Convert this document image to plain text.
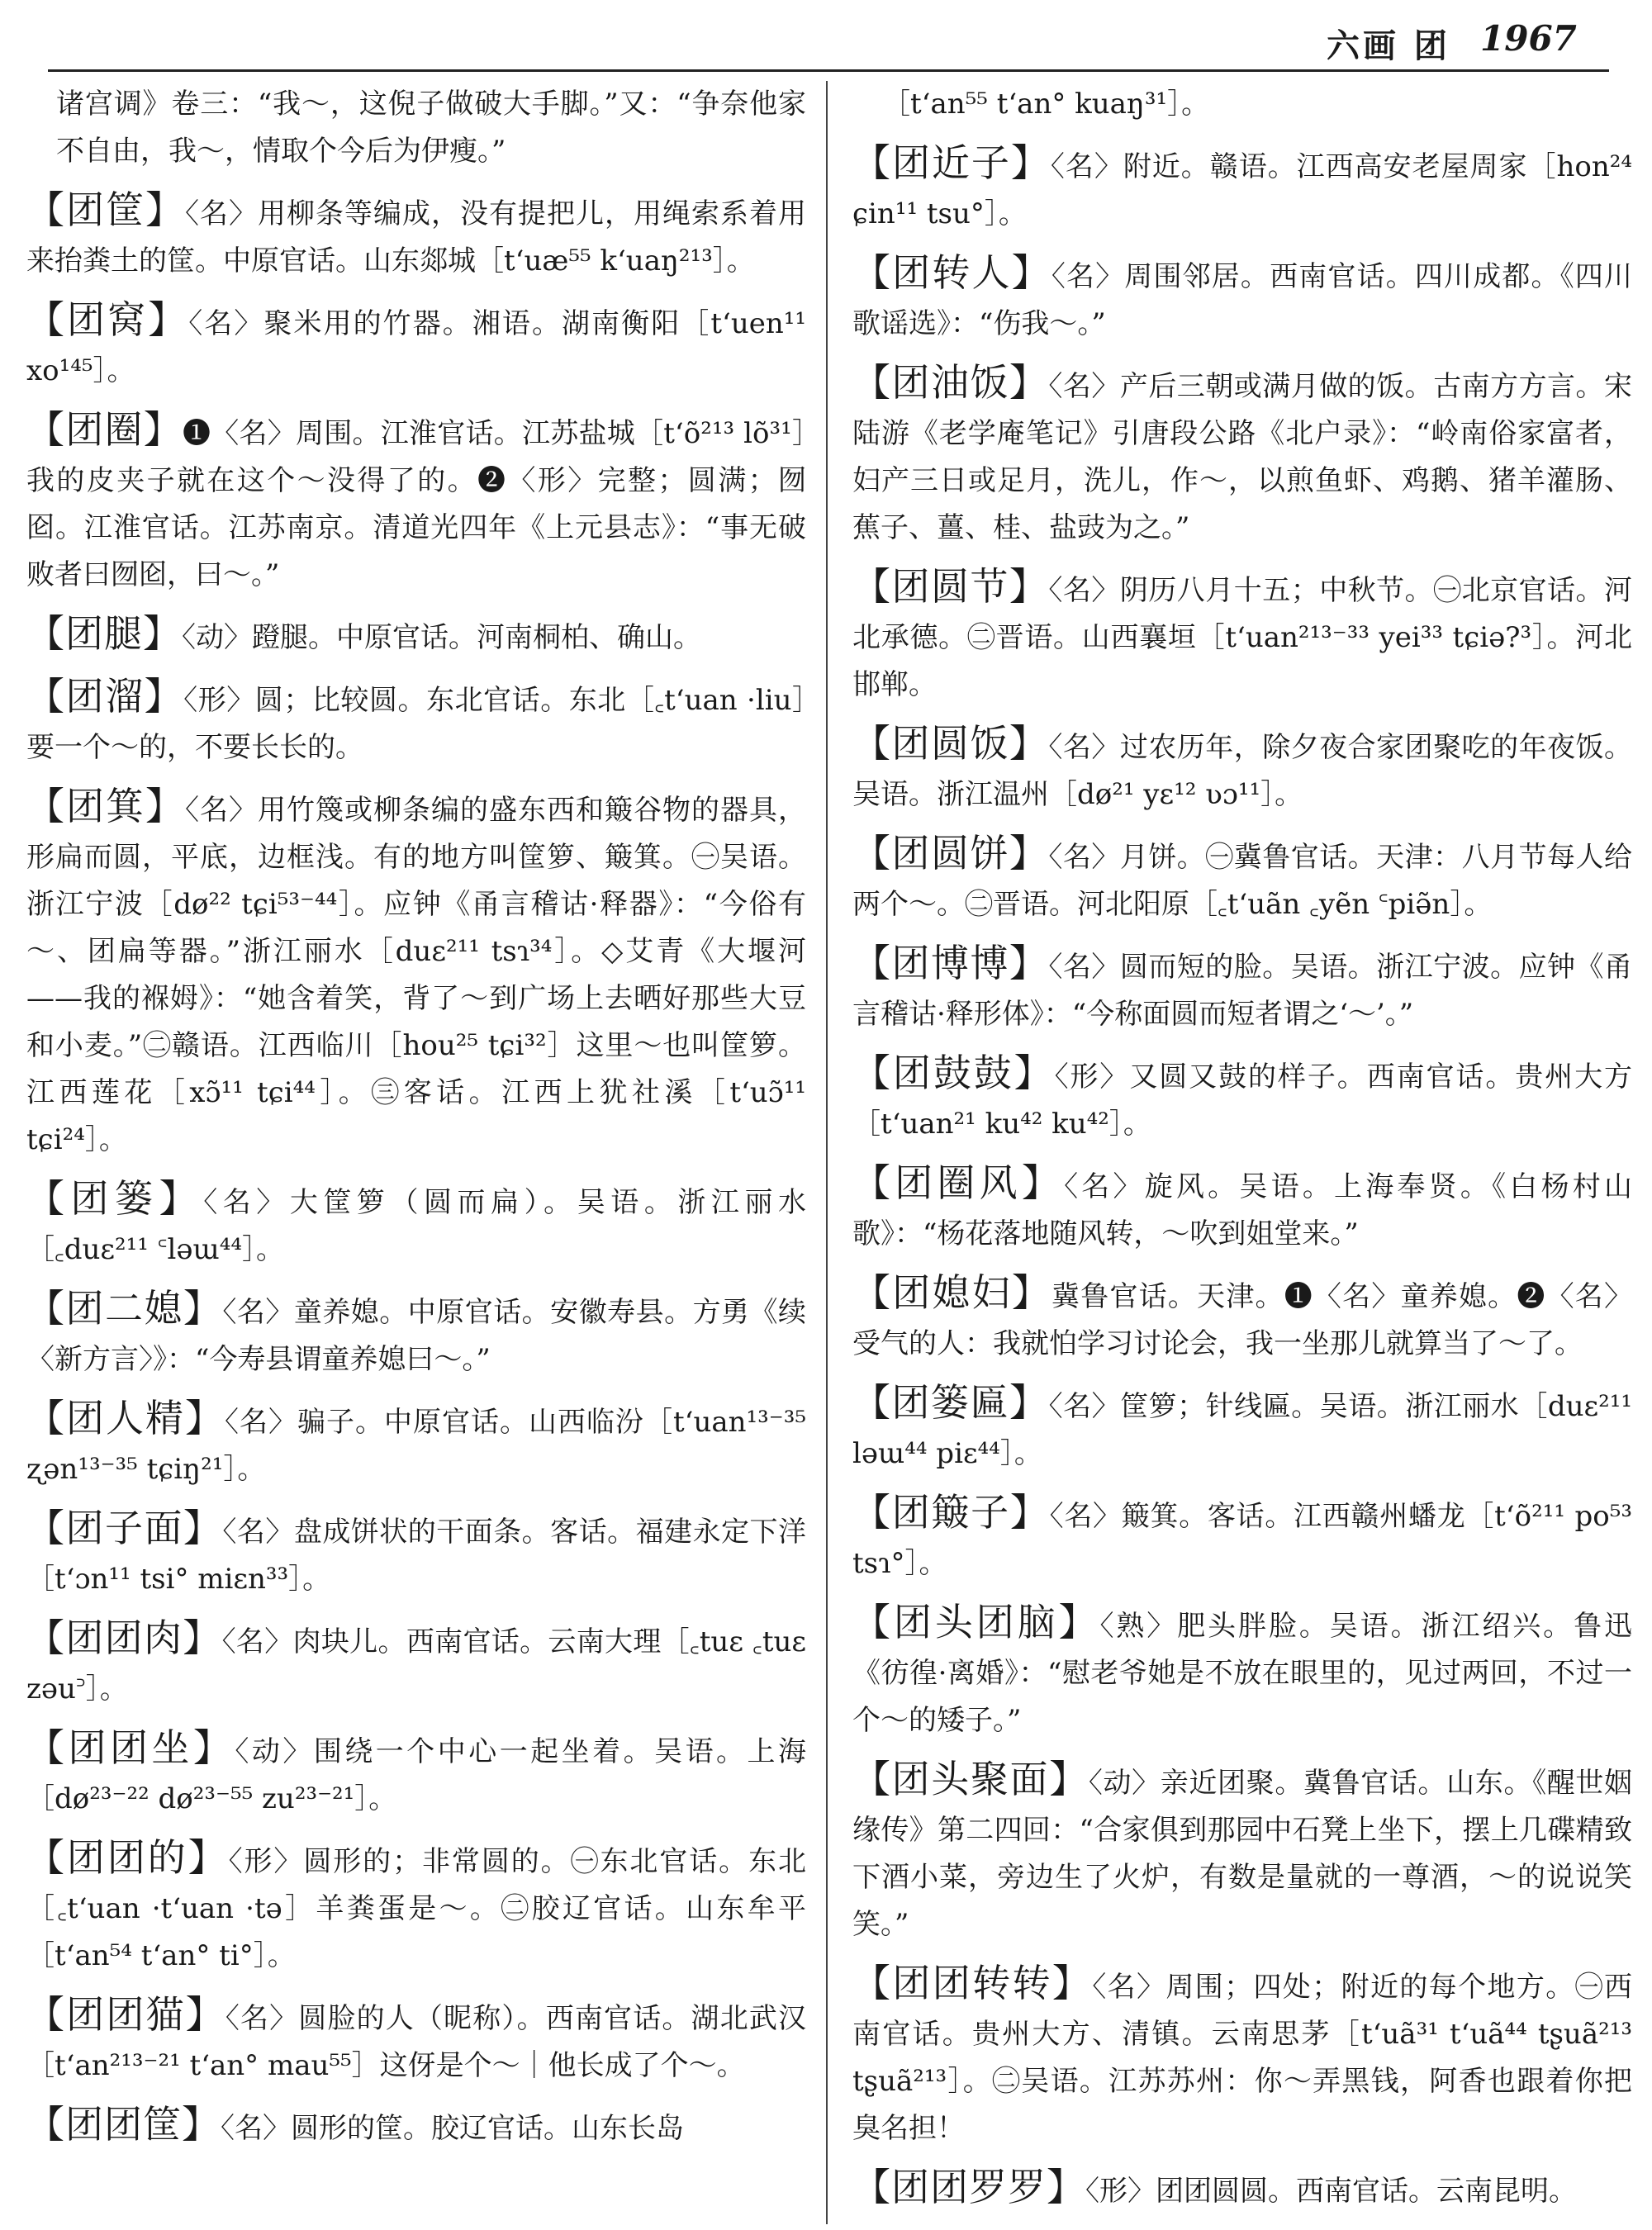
六画 团 1967

诸宫调》卷三：“我～，这倪子做破大手脚。”又：“争奈他家不自由，我～，情取个今后为伊瘦。”

【团筐】〈名〉用柳条等编成，没有提把儿，用绳索系着用来抬粪土的筐。中原官话。山东郯城［tʻuæ⁵⁵ kʻuaŋ²¹³］。

【团窝】〈名〉聚米用的竹器。湘语。湖南衡阳［tʻuen¹¹ xo¹⁴⁵］。

【团圈】❶〈名〉周围。江淮官话。江苏盐城［tʻõ²¹³ lõ³¹］我的皮夹子就在这个～没得了的。❷〈形〉完整；圆满；囫囵。江淮官话。江苏南京。清道光四年《上元县志》：“事无破败者曰囫囵，曰～。”

【团腿】〈动〉蹬腿。中原官话。河南桐柏、确山。

【团溜】〈形〉圆；比较圆。东北官话。东北［꜀tʻuan ·liu］要一个～的，不要长长的。

【团箕】〈名〉用竹篾或柳条编的盛东西和簸谷物的器具，形扁而圆，平底，边框浅。有的地方叫筐箩、簸箕。㊀吴语。浙江宁波［dø²² tɕi⁵³⁻⁴⁴］。应钟《甬言稽诂·释器》：“今俗有～、团扁等器。”浙江丽水［duɛ²¹¹ tsɿ³⁴］。◇艾青《大堰河——我的褓姆》：“她含着笑，背了～到广场上去晒好那些大豆和小麦。”㊁赣语。江西临川［hou²⁵ tɕi³²］这里～也叫筐箩。江西莲花［xɔ̃¹¹ tɕi⁴⁴］。㊂客话。江西上犹社溪［tʻuɔ̃¹¹ tɕi²⁴］。

【团篓】〈名〉大筐箩（圆而扁）。吴语。浙江丽水［꜀duɛ²¹¹ ꜂ləɯ⁴⁴］。

【团二媳】〈名〉童养媳。中原官话。安徽寿县。方勇《续〈新方言〉》：“今寿县谓童养媳曰～。”

【团人精】〈名〉骗子。中原官话。山西临汾［tʻuan¹³⁻³⁵ ʐən¹³⁻³⁵ tɕiŋ²¹］。

【团子面】〈名〉盘成饼状的干面条。客话。福建永定下洋［tʻɔn¹¹ tsi° miɛn³³］。

【团团肉】〈名〉肉块儿。西南官话。云南大理［꜀tuɛ ꜀tuɛ zəu꜄］。

【团团坐】〈动〉围绕一个中心一起坐着。吴语。上海［dø²³⁻²² dø²³⁻⁵⁵ zu²³⁻²¹］。

【团团的】〈形〉圆形的；非常圆的。㊀东北官话。东北［꜀tʻuan ·tʻuan ·tə］羊粪蛋是～。㊁胶辽官话。山东牟平［tʻan⁵⁴ tʻan° ti°］。

【团团猫】〈名〉圆脸的人（昵称）。西南官话。湖北武汉［tʻan²¹³⁻²¹ tʻan° mau⁵⁵］这伢是个～｜他长成了个～。

【团团筐】〈名〉圆形的筐。胶辽官话。山东长岛

［tʻan⁵⁵ tʻan° kuaŋ³¹］。

【团近子】〈名〉附近。赣语。江西高安老屋周家［hon²⁴ ɕin¹¹ tsu°］。

【团转人】〈名〉周围邻居。西南官话。四川成都。《四川歌谣选》：“伤我～。”

【团油饭】〈名〉产后三朝或满月做的饭。古南方方言。宋陆游《老学庵笔记》引唐段公路《北户录》：“岭南俗家富者，妇产三日或足月，洗儿，作～，以煎鱼虾、鸡鹅、猪羊灌肠、蕉子、薑、桂、盐豉为之。”

【团圆节】〈名〉阴历八月十五；中秋节。㊀北京官话。河北承德。㊁晋语。山西襄垣［tʻuan²¹³⁻³³ yei³³ tɕiə?³］。河北邯郸。

【团圆饭】〈名〉过农历年，除夕夜合家团聚吃的年夜饭。吴语。浙江温州［dø²¹ yɛ¹² ʋɔ¹¹］。

【团圆饼】〈名〉月饼。㊀冀鲁官话。天津：八月节每人给两个～。㊁晋语。河北阳原［꜀tʻuãn ꜀yẽn ꜂piə̃n］。

【团博博】〈名〉圆而短的脸。吴语。浙江宁波。应钟《甬言稽诂·释形体》：“今称面圆而短者谓之‘～’。”

【团鼓鼓】〈形〉又圆又鼓的样子。西南官话。贵州大方［tʻuan²¹ ku⁴² ku⁴²］。

【团圈风】〈名〉旋风。吴语。上海奉贤。《白杨村山歌》：“杨花落地随风转，～吹到姐堂来。”

【团媳妇】冀鲁官话。天津。❶〈名〉童养媳。❷〈名〉受气的人：我就怕学习讨论会，我一坐那儿就算当了～了。

【团篓匾】〈名〉筐箩；针线匾。吴语。浙江丽水［duɛ²¹¹ ləɯ⁴⁴ piɛ⁴⁴］。

【团簸子】〈名〉簸箕。客话。江西赣州蟠龙［tʻõ²¹¹ po⁵³ tsɿ°］。

【团头团脑】〈熟〉肥头胖脸。吴语。浙江绍兴。鲁迅《彷徨·离婚》：“慰老爷她是不放在眼里的，见过两回，不过一个～的矮子。”

【团头聚面】〈动〉亲近团聚。冀鲁官话。山东。《醒世姻缘传》第二四回：“合家俱到那园中石凳上坐下，摆上几碟精致下酒小菜，旁边生了火炉，有数是量就的一尊酒，～的说说笑笑。”

【团团转转】〈名〉周围；四处；附近的每个地方。㊀西南官话。贵州大方、清镇。云南思茅［tʻuã³¹ tʻuã⁴⁴ tʂuã²¹³ tʂuã²¹³］。㊁吴语。江苏苏州：你～弄黑钱，阿香也跟着你把臭名担！

【团团罗罗】〈形〉团团圆圆。西南官话。云南昆明。
